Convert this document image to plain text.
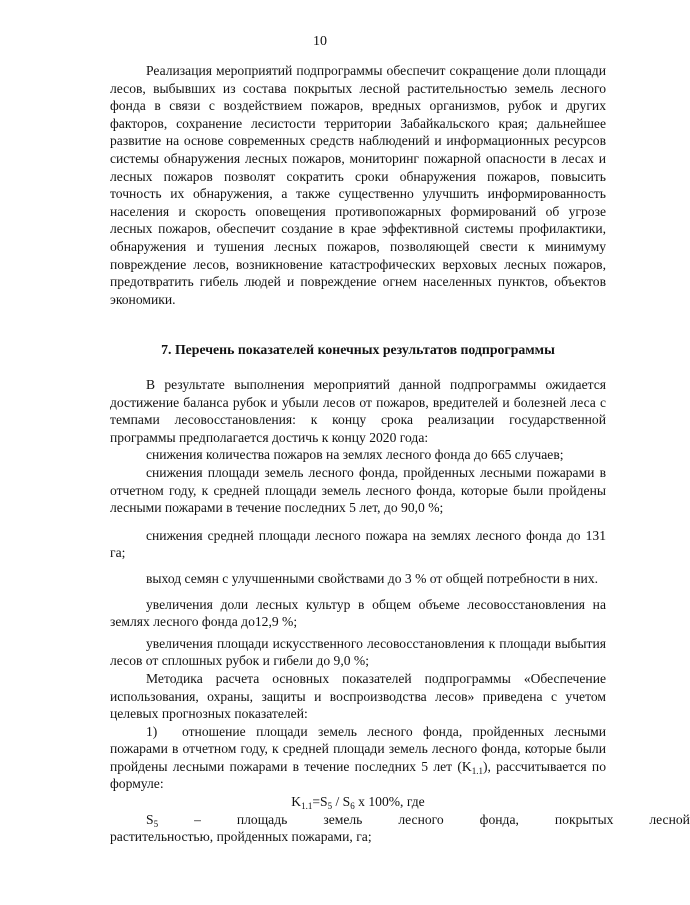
10

Реализация мероприятий подпрограммы обеспечит сокращение доли площади лесов, выбывших из состава покрытых лесной растительностью земель лесного фонда в связи с воздействием пожаров, вредных организмов, рубок и других факторов, сохранение лесистости территории Забайкальского края; дальнейшее развитие на основе современных средств наблюдений и информационных ресурсов системы обнаружения лесных пожаров, мониторинг пожарной опасности в лесах и лесных пожаров позволят сократить сроки обнаружения пожаров, повысить точность их обнаружения, а также существенно улучшить информированность населения и скорость оповещения противопожарных формирований об угрозе лесных пожаров, обеспечит создание в крае эффективной системы профилактики, обнаружения и тушения лесных пожаров, позволяющей свести к минимуму повреждение лесов, возникновение катастрофических верховых лесных пожаров, предотвратить гибель людей и повреждение огнем населенных пунктов, объектов экономики.

7. Перечень показателей конечных результатов подпрограммы

В результате выполнения мероприятий данной подпрограммы ожидается достижение баланса рубок и убыли лесов от пожаров, вредителей и болезней леса с темпами лесовосстановления: к концу срока реализации государственной программы предполагается достичь к концу 2020 года:

снижения количества пожаров на землях лесного фонда до 665 случаев;

снижения площади земель лесного фонда, пройденных лесными пожарами в отчетном году, к средней площади земель лесного фонда, которые были пройдены лесными пожарами в течение последних 5 лет, до 90,0 %;

снижения средней площади лесного пожара на землях лесного фонда до 131 га;

выход семян с улучшенными свойствами до 3 % от общей потребности в них.

увеличения доли лесных культур в общем объеме лесовосстановления на землях лесного фонда до12,9 %;

увеличения площади искусственного лесовосстановления к площади выбытия лесов от сплошных рубок и гибели до 9,0 %;

Методика расчета основных показателей подпрограммы «Обеспечение использования, охраны, защиты и воспроизводства лесов» приведена с учетом целевых прогнозных показателей:

1) отношение площади земель лесного фонда, пройденных лесными пожарами в отчетном году, к средней площади земель лесного фонда, которые были пройдены лесными пожарами в течение последних 5 лет $(K_{1.1})$, рассчитывается по формуле:

$K_{1.1}=S_5 / S_6$ x 100%, где

$S_5$	–	площадь	земель	лесного	фонда,	покрытых	лесной

растительностью, пройденных пожарами, га;
